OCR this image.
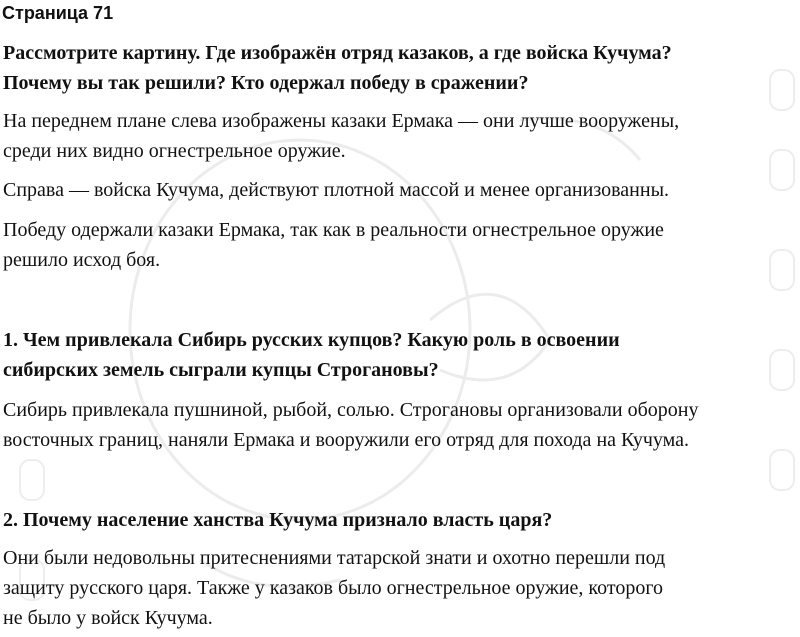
Страница 71

Рассмотрите картину. Где изображён отряд казаков, а где войска Кучума?
Почему вы так решили? Кто одержал победу в сражении?

На переднем плане слева изображены казаки Ермака — они лучше вооружены,
среди них видно огнестрельное оружие.

Справа — войска Кучума, действуют плотной массой и менее организованны.

Победу одержали казаки Ермака, так как в реальности огнестрельное оружие
решило исход боя.

1. Чем привлекала Сибирь русских купцов? Какую роль в освоении
сибирских земель сыграли купцы Строгановы?

Сибирь привлекала пушниной, рыбой, солью. Строгановы организовали оборону
восточных границ, наняли Ермака и вооружили его отряд для похода на Кучума.

2. Почему население ханства Кучума признало власть царя?

Они были недовольны притеснениями татарской знати и охотно перешли под
защиту русского царя. Также у казаков было огнестрельное оружие, которого
не было у войск Кучума.
